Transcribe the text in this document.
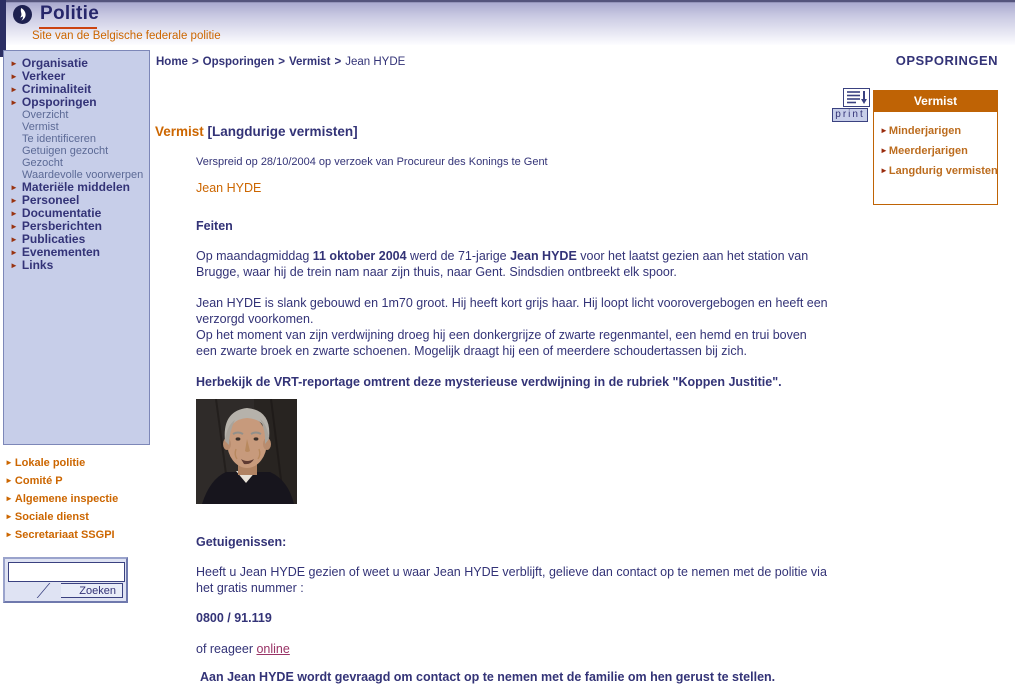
Politie
Site van de Belgische federale politie
► Organisatie
► Verkeer
► Criminaliteit
► Opsporingen
Overzicht
Vermist
Te identificeren
Getuigen gezocht
Gezocht
Waardevolle voorwerpen
► Materiële middelen
► Personeel
► Documentatie
► Persberichten
► Publicaties
► Evenementen
► Links
► Lokale politie
► Comité P
► Algemene inspectie
► Sociale dienst
► Secretariaat SSGPI
Zoeken
Home > Opsporingen > Vermist > Jean HYDE	OPSPORINGEN
print
Vermist
►Minderjarigen
►Meerderjarigen
►Langdurig vermisten
Vermist [Langdurige vermisten]
Verspreid op 28/10/2004 op verzoek van Procureur des Konings te Gent
Jean HYDE
Feiten
Op maandagmiddag 11 oktober 2004 werd de 71-jarige Jean HYDE voor het laatst gezien aan het station van Brugge, waar hij de trein nam naar zijn thuis, naar Gent. Sindsdien ontbreekt elk spoor.
Jean HYDE is slank gebouwd en 1m70 groot. Hij heeft kort grijs haar. Hij loopt licht voorovergebogen en heeft een verzorgd voorkomen.
Op het moment van zijn verdwijning droeg hij een donkergrijze of zwarte regenmantel, een hemd en trui boven een zwarte broek en zwarte schoenen. Mogelijk draagt hij een of meerdere schoudertassen bij zich.
Herbekijk de VRT-reportage omtrent deze mysterieuse verdwijning in de rubriek "Koppen Justitie".
Getuigenissen:
Heeft u Jean HYDE gezien of weet u waar Jean HYDE verblijft, gelieve dan contact op te nemen met de politie via het gratis nummer :
0800 / 91.119
of reageer online
Aan Jean HYDE wordt gevraagd om contact op te nemen met de familie om hen gerust te stellen.
